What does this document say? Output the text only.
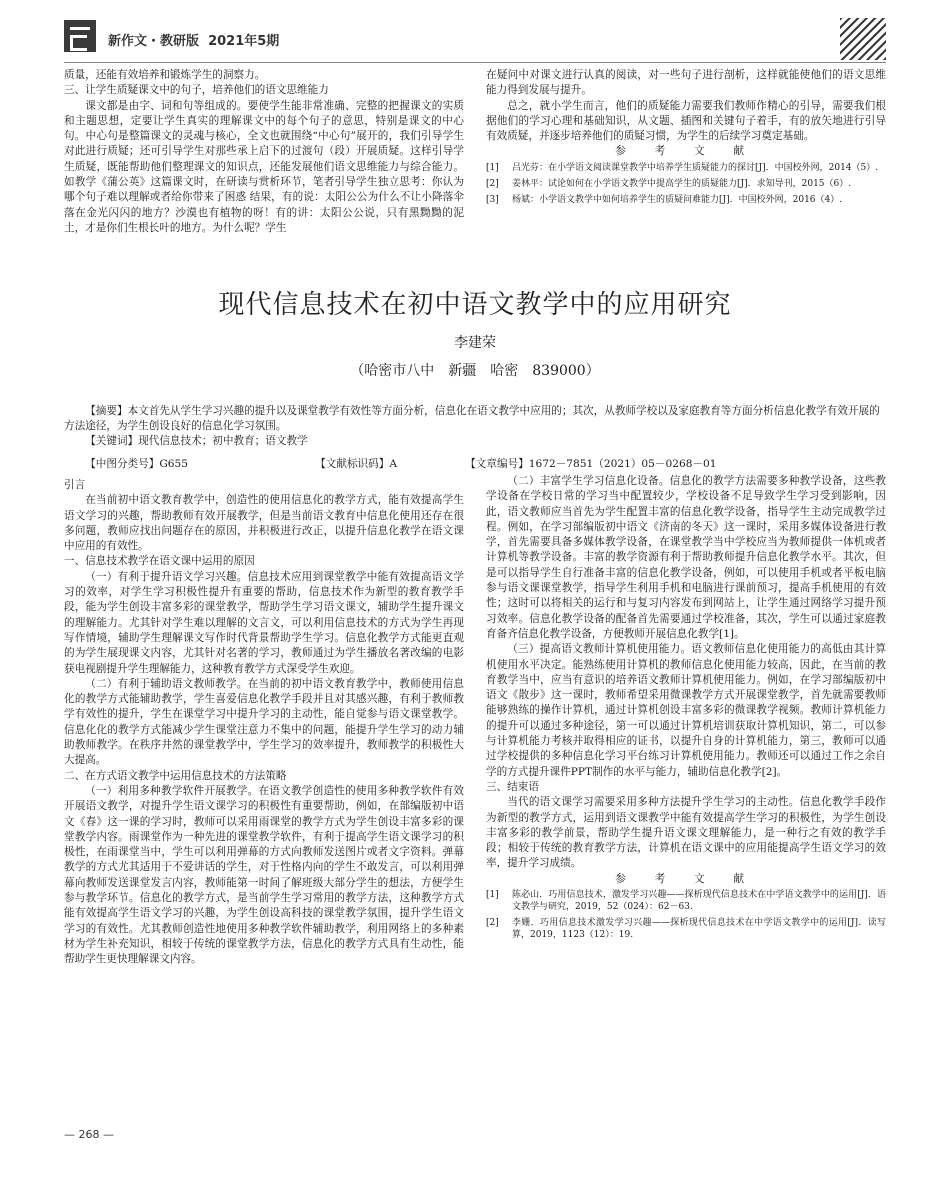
新作文・教研版 2021年5期

质量，还能有效培养和锻炼学生的洞察力。

三、让学生质疑课文中的句子，培养他们的语文思维能力

课文都是由字、词和句等组成的。要使学生能非常准确、完整的把握课文的实质和主题思想，定要让学生真实的理解课文中的每个句子的意思，特别是课文的中心句。中心句是整篇课文的灵魂与核心，全文也就围绕“中心句”展开的，我们引导学生对此进行质疑；还可引导学生对那些承上启下的过渡句（段）开展质疑。这样引导学生质疑，既能帮助他们整理课文的知识点，还能发展他们语文思维能力与综合能力。如教学《蒲公英》这篇课文时，在研读与赏析环节，笔者引导学生独立思考：你认为哪个句子难以理解或者给你带来了困惑 结果，有的说：太阳公公为什么不让小降落伞落在金光闪闪的地方？沙漠也有植物的呀！有的讲：太阳公公说，只有黑黝黝的泥土，才是你们生根长叶的地方。为什么呢？学生

在疑问中对课文进行认真的阅读，对一些句子进行剖析，这样就能使他们的语文思维能力得到发展与提升。

总之，就小学生而言，他们的质疑能力需要我们教师作精心的引导，需要我们根据他们的学习心理和基础知识，从文题、插图和关键句子着手，有的放矢地进行引导有效质疑，并逐步培养他们的质疑习惯，为学生的后续学习奠定基础。

参 考 文 献

[1]	吕光芬：在小学语文阅读课堂教学中培养学生质疑能力的探讨[J]．中国校外网，2014（5）.
[2]	姜林平：试论如何在小学语文教学中提高学生的质疑能力[J]．求知导刊，2015（6）.
[3]	杨斌：小学语文教学中如何培养学生的质疑问难能力[J]．中国校外网，2016（4）.
现代信息技术在初中语文教学中的应用研究
李建荣
（哈密市八中　新疆　哈密　839000）

【摘要】本文首先从学生学习兴趣的提升以及课堂教学有效性等方面分析，信息化在语文教学中应用的；其次，从教师学校以及家庭教育等方面分析信息化教学有效开展的方法途径，为学生创设良好的信息化学习氛围。

【关键词】现代信息技术；初中教育；语文教学

【中图分类号】G655	【文献标识码】A	【文章编号】1672－7851（2021）05－0268－01

引言

在当前初中语文教育教学中，创造性的使用信息化的教学方式，能有效提高学生语文学习的兴趣，帮助教师有效开展教学，但是当前语文教育中信息化使用还存在很多问题，教师应找出问题存在的原因，并积极进行改正，以提升信息化教学在语文课中应用的有效性。

一、信息技术教学在语文课中运用的原因

（一）有利于提升语文学习兴趣。信息技术应用到课堂教学中能有效提高语文学习的效率，对学生学习积极性提升有重要的帮助，信息技术作为新型的教育教学手段，能为学生创设丰富多彩的课堂教学，帮助学生学习语文课文，辅助学生提升课文的理解能力。尤其针对学生难以理解的文言文，可以利用信息技术的方式为学生再现写作情境，辅助学生理解课文写作时代背景帮助学生学习。信息化教学方式能更直观的为学生展现课文内容，尤其针对名著的学习，教师通过为学生播放名著改编的电影获电视剧提升学生理解能力，这种教育教学方式深受学生欢迎。

（二）有利于辅助语文教师教学。在当前的初中语文教育教学中，教师使用信息化的教学方式能辅助教学，学生喜爱信息化教学手段并且对其感兴趣，有利于教师教学有效性的提升，学生在课堂学习中提升学习的主动性，能自觉参与语文课堂教学。信息化化的教学方式能减少学生课堂注意力不集中的问题，能提升学生学习的动力辅助教师教学。在秩序井然的课堂教学中，学生学习的效率提升，教师教学的积极性大大提高。

二、在方式语文教学中运用信息技术的方法策略

（一）利用多种教学软件开展教学。在语文教学创造性的使用多种教学软件有效开展语文教学，对提升学生语文课学习的积极性有重要帮助，例如，在部编版初中语文《春》这一课的学习时，教师可以采用雨课堂的教学方式为学生创设丰富多彩的课堂教学内容。雨课堂作为一种先进的课堂教学软件，有利于提高学生语文课学习的积极性，在雨课堂当中，学生可以利用弹幕的方式向教师发送图片或者文字资料。弹幕教学的方式尤其适用于不爱讲话的学生，对于性格内向的学生不敢发言，可以利用弹幕向教师发送课堂发言内容，教师能第一时间了解班级大部分学生的想法，方便学生参与教学环节。信息化的教学方式，是当前学生学习常用的教学方法，这种教学方式能有效提高学生语文学习的兴趣，为学生创设高科技的课堂教学氛围，提升学生语文学习的有效性。尤其教师创造性地使用多种教学软件辅助教学，利用网络上的多种素材为学生补充知识，相较于传统的课堂教学方法，信息化的教学方式具有生动性，能帮助学生更快理解课文内容。

（二）丰富学生学习信息化设备。信息化的教学方法需要多种教学设备，这些教学设备在学校日常的学习当中配置较少，学校设备不足导致学生学习受到影响，因此，语文教师应当首先为学生配置丰富的信息化教学设备，指导学生主动完成教学过程。例如，在学习部编版初中语文《济南的冬天》这一课时，采用多媒体设备进行教学，首先需要具备多媒体教学设备，在课堂教学当中学校应当为教师提供一体机或者计算机等教学设备。丰富的教学资源有利于帮助教师提升信息化教学水平。其次，但是可以指导学生自行准备丰富的信息化教学设备，例如，可以使用手机或者平板电脑参与语文课课堂教学，指导学生利用手机和电脑进行课前预习，提高手机使用的有效性；这时可以将相关的运行和与复习内容发布到网站上，让学生通过网络学习提升预习效率。信息化教学设备的配备首先需要通过学校准备，其次，学生可以通过家庭教育备齐信息化教学设备，方便教师开展信息化教学[1]。

（三）提高语文教师计算机使用能力。语文教师信息化使用能力的高低由其计算机使用水平决定。能熟练使用计算机的教师信息化使用能力较高，因此，在当前的教育教学当中，应当有意识的培养语文教师计算机使用能力。例如，在学习部编版初中语文《散步》这一课时，教师希望采用微课教学方式开展课堂教学，首先就需要教师能够熟练的操作计算机，通过计算机创设丰富多彩的微课教学视频。教师计算机能力的提升可以通过多种途径，第一可以通过计算机培训获取计算机知识，第二，可以参与计算机能力考核并取得相应的证书，以提升自身的计算机能力，第三，教师可以通过学校提供的多种信息化学习平台练习计算机使用能力。教师还可以通过工作之余自学的方式提升课件PPT制作的水平与能力，辅助信息化教学[2]。

三、结束语

当代的语文课学习需要采用多种方法提升学生学习的主动性。信息化教学手段作为新型的教学方式，运用到语文课教学中能有效提高学生学习的积极性，为学生创设丰富多彩的教学前景，帮助学生提升语文课文理解能力，是一种行之有效的教学手段；相较于传统的教育教学方法，计算机在语文课中的应用能提高学生语文学习的效率，提升学习成绩。

参 考 文 献

[1]	陈必山．巧用信息技术，激发学习兴趣——探析现代信息技术在中学语文教学中的运用[J]．语文教学与研究，2019，52（024）：62－63.
[2]	李姗．巧用信息技术激发学习兴趣——探析现代信息技术在中学语文教学中的运用[J]．读写算，2019，1123（12）：19.
— 268 —
